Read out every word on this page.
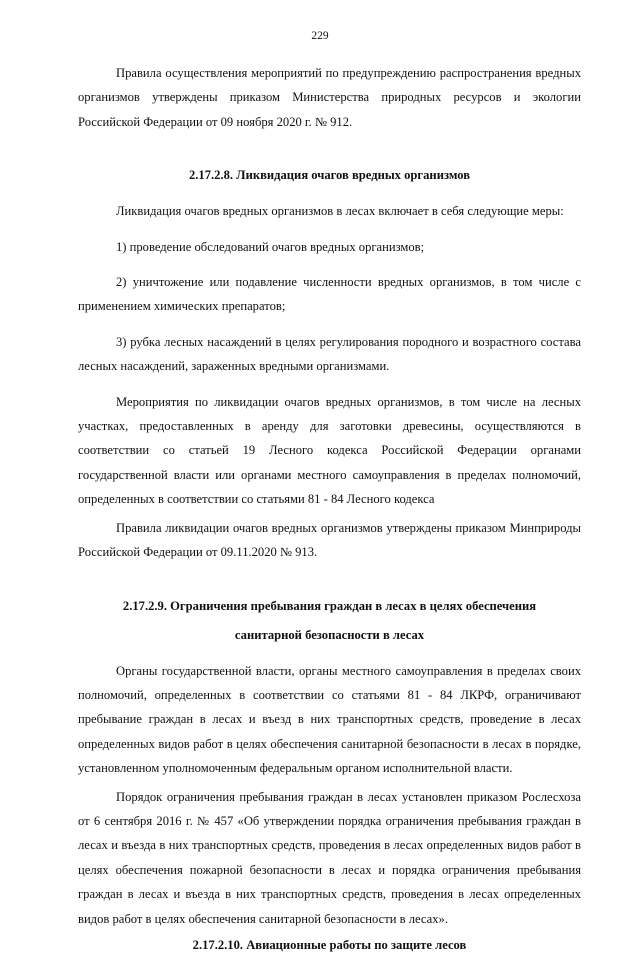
229

Правила осуществления мероприятий по предупреждению распространения вредных организмов утверждены приказом Министерства природных ресурсов и экологии Российской Федерации от 09 ноября 2020 г. № 912.

2.17.2.8. Ликвидация очагов вредных организмов

Ликвидация очагов вредных организмов в лесах включает в себя следующие меры:

1) проведение обследований очагов вредных организмов;

2) уничтожение или подавление численности вредных организмов, в том числе с применением химических препаратов;

3) рубка лесных насаждений в целях регулирования породного и возрастного состава лесных насаждений, зараженных вредными организмами.

Мероприятия по ликвидации очагов вредных организмов, в том числе на лесных участках, предоставленных в аренду для заготовки древесины, осуществляются в соответствии со статьей 19 Лесного кодекса Российской Федерации органами государственной власти или органами местного самоуправления в пределах полномочий, определенных в соответствии со статьями 81 - 84 Лесного кодекса

Правила ликвидации очагов вредных организмов утверждены приказом Минприроды Российской Федерации от 09.11.2020 № 913.

2.17.2.9. Ограничения пребывания граждан в лесах в целях обеспечения
санитарной безопасности в лесах

Органы государственной власти, органы местного самоуправления в пределах своих полномочий, определенных в соответствии со статьями 81 - 84 ЛКРФ, ограничивают пребывание граждан в лесах и въезд в них транспортных средств, проведение в лесах определенных видов работ в целях обеспечения санитарной безопасности в лесах в порядке, установленном уполномоченным федеральным органом исполнительной власти.

Порядок ограничения пребывания граждан в лесах установлен приказом Рослесхоза от 6 сентября 2016 г. № 457 «Об утверждении порядка ограничения пребывания граждан в лесах и въезда в них транспортных средств, проведения в лесах определенных видов работ в целях обеспечения пожарной безопасности в лесах и порядка ограничения пребывания граждан в лесах и въезда в них транспортных средств, проведения в лесах определенных видов работ в целях обеспечения санитарной безопасности в лесах».

2.17.2.10. Авиационные работы по защите лесов
